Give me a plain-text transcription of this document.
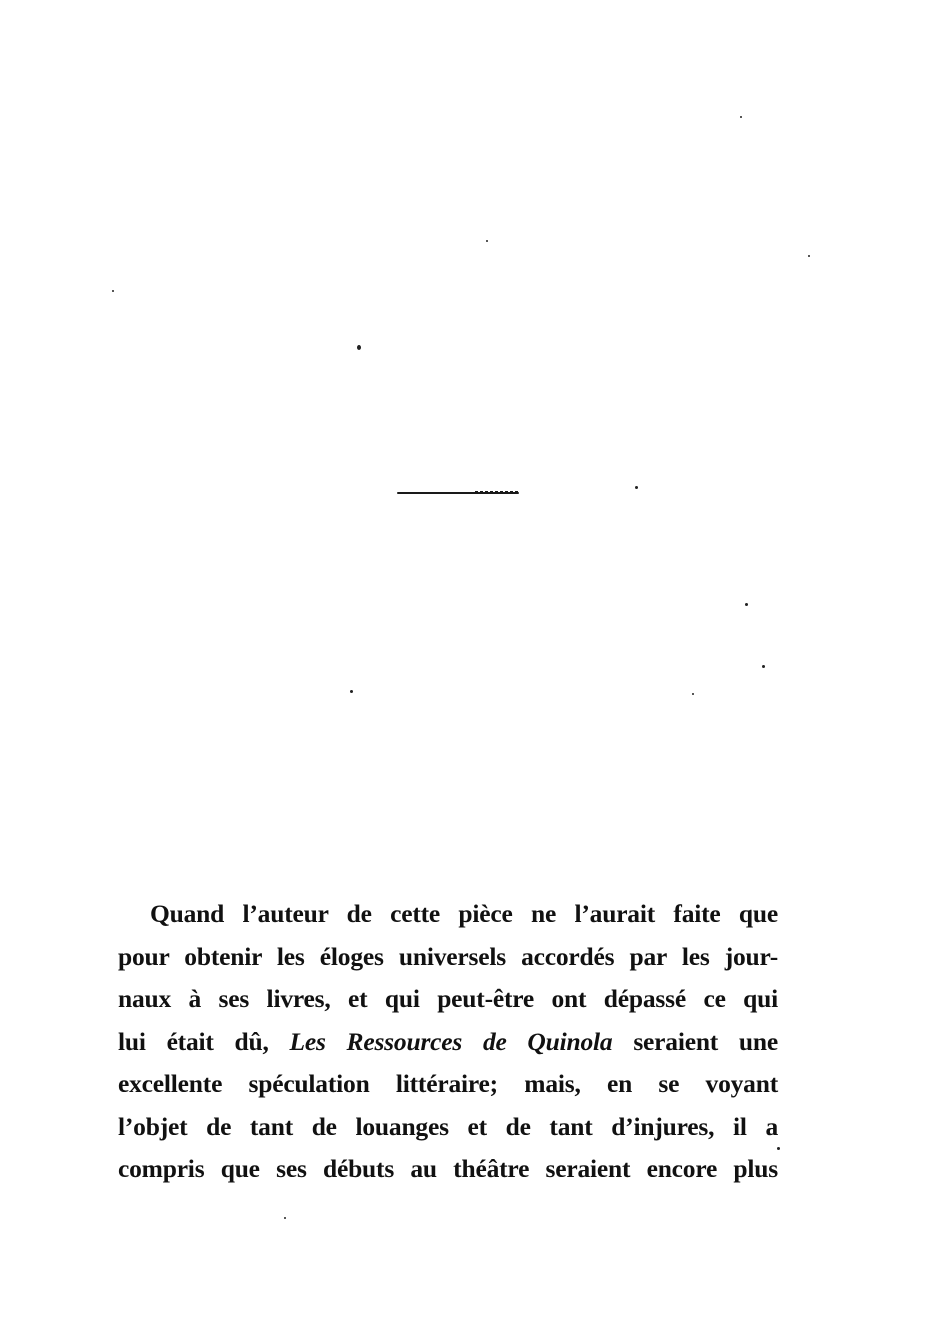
Quand l’auteur de cette pièce ne l’aurait faite que
pour obtenir les éloges universels accordés par les jour-
naux à ses livres, et qui peut-être ont dépassé ce qui
lui était dû, Les Ressources de Quinola seraient une
excellente spéculation littéraire; mais, en se voyant
l’objet de tant de louanges et de tant d’injures, il a
compris que ses débuts au théâtre seraient encore plus
